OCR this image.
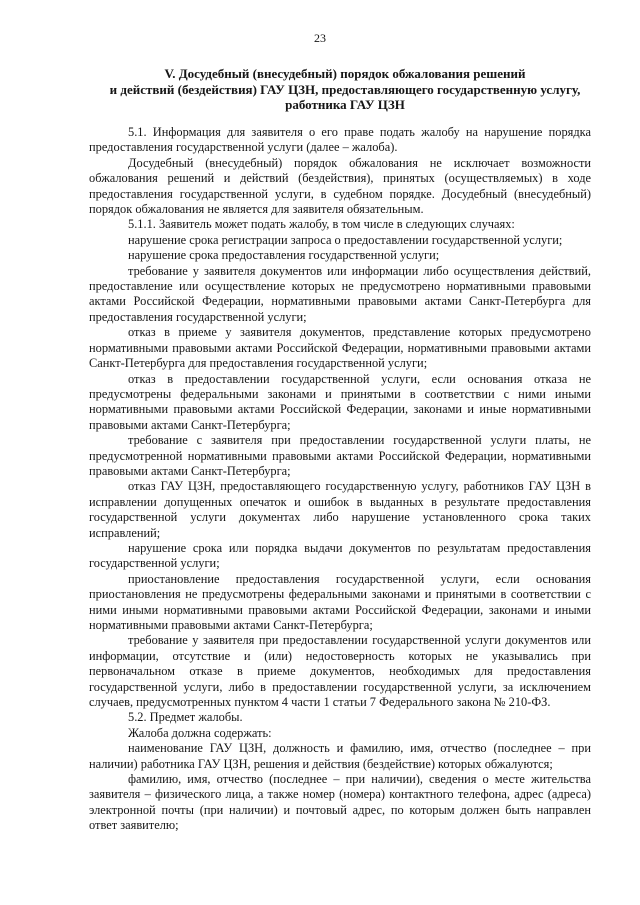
23
V. Досудебный (внесудебный) порядок обжалования решений
и действий (бездействия) ГАУ ЦЗН, предоставляющего государственную услугу,
работника ГАУ ЦЗН

5.1. Информация для заявителя о его праве подать жалобу на нарушение порядка предоставления государственной услуги (далее – жалоба).

Досудебный (внесудебный) порядок обжалования не исключает возможности обжалования решений и действий (бездействия), принятых (осуществляемых) в ходе предоставления государственной услуги, в судебном порядке. Досудебный (внесудебный) порядок обжалования не является для заявителя обязательным.

5.1.1. Заявитель может подать жалобу, в том числе в следующих случаях:

нарушение срока регистрации запроса о предоставлении государственной услуги;

нарушение срока предоставления государственной услуги;

требование у заявителя документов или информации либо осуществления действий, предоставление или осуществление которых не предусмотрено нормативными правовыми актами Российской Федерации, нормативными правовыми актами Санкт-Петербурга для предоставления государственной услуги;

отказ в приеме у заявителя документов, представление которых предусмотрено нормативными правовыми актами Российской Федерации, нормативными правовыми актами Санкт-Петербурга для предоставления государственной услуги;

отказ в предоставлении государственной услуги, если основания отказа не предусмотрены федеральными законами и принятыми в соответствии с ними иными нормативными правовыми актами Российской Федерации, законами и иные нормативными правовыми актами Санкт-Петербурга;

требование с заявителя при предоставлении государственной услуги платы, не предусмотренной нормативными правовыми актами Российской Федерации, нормативными правовыми актами Санкт-Петербурга;

отказ ГАУ ЦЗН, предоставляющего государственную услугу, работников ГАУ ЦЗН в исправлении допущенных опечаток и ошибок в выданных в результате предоставления государственной услуги документах либо нарушение установленного срока таких исправлений;

нарушение срока или порядка выдачи документов по результатам предоставления государственной услуги;

приостановление предоставления государственной услуги, если основания приостановления не предусмотрены федеральными законами и принятыми в соответствии с ними иными нормативными правовыми актами Российской Федерации, законами и иными нормативными правовыми актами Санкт-Петербурга;

требование у заявителя при предоставлении государственной услуги документов или информации, отсутствие и (или) недостоверность которых не указывались при первоначальном отказе в приеме документов, необходимых для предоставления государственной услуги, либо в предоставлении государственной услуги, за исключением случаев, предусмотренных пунктом 4 части 1 статьи 7 Федерального закона № 210-ФЗ.

5.2. Предмет жалобы.

Жалоба должна содержать:

наименование ГАУ ЦЗН, должность и фамилию, имя, отчество (последнее – при наличии) работника ГАУ ЦЗН, решения и действия (бездействие) которых обжалуются;

фамилию, имя, отчество (последнее – при наличии), сведения о месте жительства заявителя – физического лица, а также номер (номера) контактного телефона, адрес (адреса) электронной почты (при наличии) и почтовый адрес, по которым должен быть направлен ответ заявителю;
